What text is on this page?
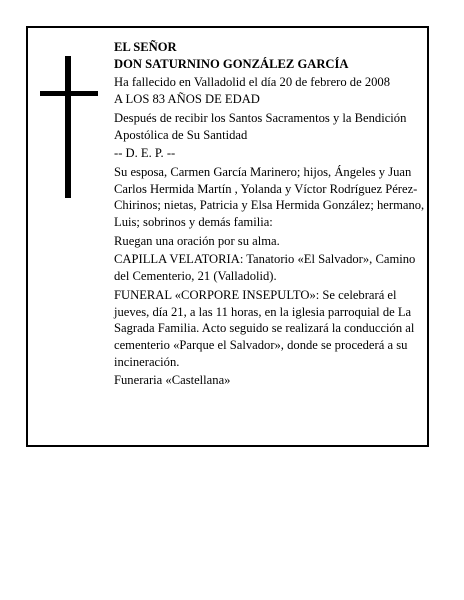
EL SEÑOR

DON SATURNINO GONZÁLEZ GARCÍA

Ha fallecido en Valladolid el día 20 de febrero de 2008

A LOS 83 AÑOS DE EDAD

Después de recibir los Santos Sacramentos y la Bendición Apostólica de Su Santidad

-- D. E. P. --

Su esposa, Carmen García Marinero; hijos, Ángeles y Juan Carlos Hermida Martín , Yolanda y Víctor Rodríguez Pérez-Chirinos; nietas, Patricia y Elsa Hermida González; hermano, Luis; sobrinos y demás familia:

Ruegan una oración por su alma.

CAPILLA VELATORIA: Tanatorio «El Salvador», Camino del Cementerio, 21 (Valladolid).

FUNERAL «CORPORE INSEPULTO»: Se celebrará el jueves, día 21, a las 11 horas, en la iglesia parroquial de La Sagrada Familia. Acto seguido se realizará la conducción al cementerio «Parque el Salvador», donde se procederá a su incineración.

Funeraria «Castellana»
